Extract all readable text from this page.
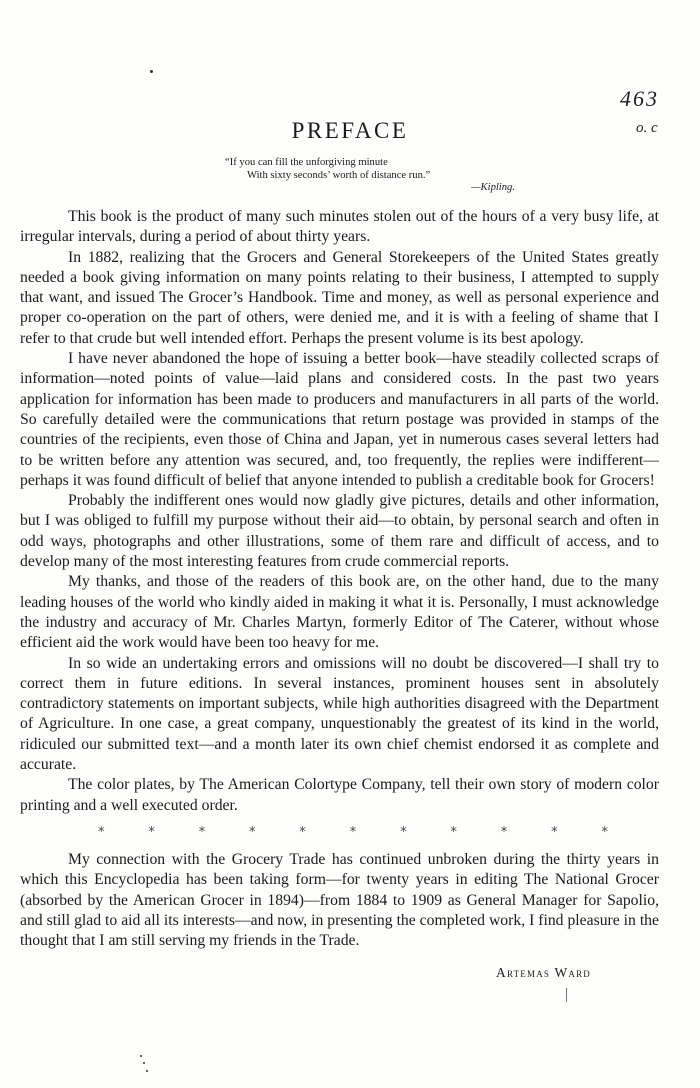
463
o. c
PREFACE
“If you can fill the unforgiving minute
With sixty seconds’ worth of distance run.”
—Kipling.

This book is the product of many such minutes stolen out of the hours of a very busy life, at irregular intervals, during a period of about thirty years.

In 1882, realizing that the Grocers and General Storekeepers of the United States greatly needed a book giving information on many points relating to their business, I attempted to supply that want, and issued The Grocer’s Handbook. Time and money, as well as personal experience and proper co-operation on the part of others, were denied me, and it is with a feeling of shame that I refer to that crude but well intended effort. Perhaps the present volume is its best apology.

I have never abandoned the hope of issuing a better book—have steadily collected scraps of information—noted points of value—laid plans and considered costs. In the past two years application for information has been made to producers and manufacturers in all parts of the world. So carefully detailed were the communications that return postage was provided in stamps of the countries of the recipients, even those of China and Japan, yet in numerous cases several letters had to be written before any attention was secured, and, too frequently, the replies were indifferent—perhaps it was found difficult of belief that anyone intended to publish a creditable book for Grocers!

Probably the indifferent ones would now gladly give pictures, details and other information, but I was obliged to fulfill my purpose without their aid—to obtain, by personal search and often in odd ways, photographs and other illustrations, some of them rare and difficult of access, and to develop many of the most interesting features from crude commercial reports.

My thanks, and those of the readers of this book are, on the other hand, due to the many leading houses of the world who kindly aided in making it what it is. Personally, I must acknowledge the industry and accuracy of Mr. Charles Martyn, formerly Editor of The Caterer, without whose efficient aid the work would have been too heavy for me.

In so wide an undertaking errors and omissions will no doubt be discovered—I shall try to correct them in future editions. In several instances, prominent houses sent in absolutely contradictory statements on important subjects, while high authorities disagreed with the Department of Agriculture. In one case, a great company, unquestionably the greatest of its kind in the world, ridiculed our submitted text—and a month later its own chief chemist endorsed it as complete and accurate.

The color plates, by The American Colortype Company, tell their own story of modern color printing and a well executed order.

My connection with the Grocery Trade has continued unbroken during the thirty years in which this Encyclopedia has been taking form—for twenty years in editing The National Grocer (absorbed by the American Grocer in 1894)—from 1884 to 1909 as General Manager for Sapolio, and still glad to aid all its interests—and now, in presenting the completed work, I find pleasure in the thought that I am still serving my friends in the Trade.

*	*	*	*	*	*	*	*	*	*	*
Artemas Ward
